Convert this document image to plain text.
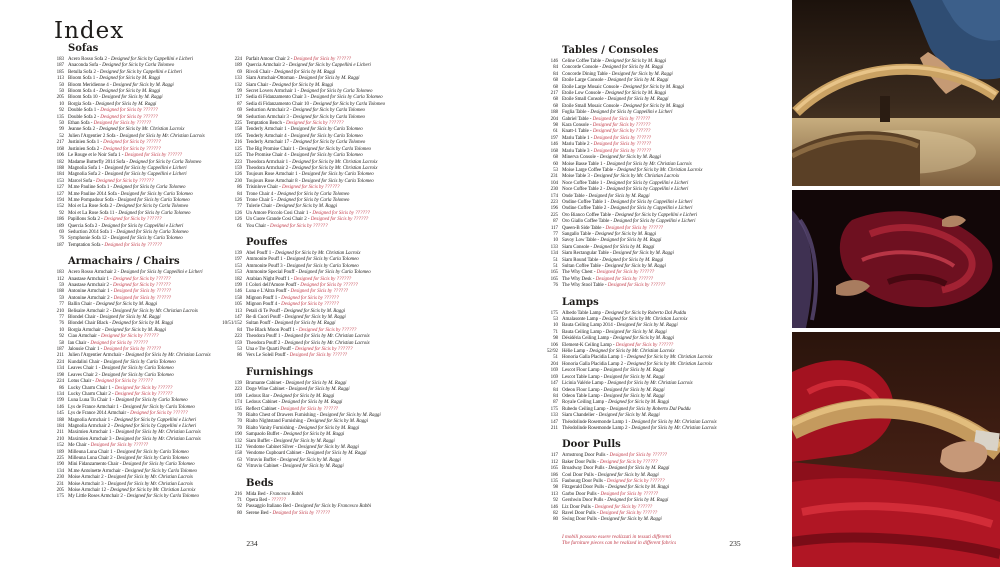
Index
Sofas
183 Acero Rosso Sofa 2 - Designed for Sicis by Cappellini e Licheri
187 Anaconda Sofa - Designed for Sicis by Carla Tolomeo
185 Betulla Sofa 2 - Designed for Sicis by Cappellini e Licheri
113 Bloom Sofa 1 - Designed for Sicis by M. Raggi
50 Bloom Meridienne 4 - Designed for Sicis by M. Raggi
50 Bloom Sofa 4 - Designed for Sicis by M. Raggi
205 Bloom Sofa 10 - Designed for Sicis by M. Raggi
10 Borgia Sofa - Designed for Sicis by M. Raggi
92 Double Sofa 1 - Designed for Sicis by ??????
135 Double Sofa 2 - Designed for Sicis by ??????
50 Ethan Sofa - Designed for Sicis by ??????
99 Jeanne Sofa 2 - Designed for Sicis by Mr. Christian Lacroix
52 Julien l'Argentier 2 Sofa - Designed for Sicis by Mr. Christian Lacroix
217 Justinien Sofa 1 - Designed for Sicis by ??????
168 Justinien Sofa 2 - Designed for Sicis by ??????
106 Le Rouge et le Noir Sofa 1 - Designed for Sicis by ??????
182 Madame Butterfly 2014 Sofa - Designed for Sicis by Carla Tolomeo
188 Magnolia Sofa 1 - Designed for Sicis by Cappellini e Licheri
184 Magnolia Sofa 2 - Designed for Sicis by Cappellini e Licheri
153 Marcel Sofa - Designed for Sicis by ??????
127 M.me Pauline Sofa 1 - Designed for Sicis by Carla Tolomeo
127 M.me Pauline 2014 Sofa - Designed for Sicis by Carla Tolomeo
194 M.me Pompadour Sofa - Designed for Sicis by Carla Tolomeo
152 Moi et La Rose Sofa 2 - Designed for Sicis by Carla Tolomeo
92 Moi et La Rose Sofa 11 - Designed for Sicis by Carla Tolomeo
186 Papillons Sofa 2 - Designed for Sicis by ??????
189 Quercia Sofa 2 - Designed for Sicis by Cappellini e Licheri
69 Seduction 2014 Sofa 1 - Designed for Sicis by Carla Tolomeo
76 Symphonie Sofa 12 - Designed for Sicis by Carla Tolomeo
187 Temptation Sofa - Designed for Sicis by ??????
Armachairs / Chairs
183 Acero Rosso Armchair 2 - Designed for Sicis by Cappellini e Licheri
112 Anastase Armchair 1 - Designed for Sicis by ??????
59 Anastase Armchair 2 - Designed for Sicis by ??????
188 Antonine Armchair 1 - Designed for Sicis by ??????
59 Antonine Armchair 2 - Designed for Sicis by ??????
77 Ballin Chair - Designed for Sicis by M. Raggi
210 Belisaire Armchair 2 - Designed for Sicis by Mr. Christian Lacroix
77 Blondel Chair - Designed for Sicis by M. Raggi
76 Blondel Chair Black - Designed for Sicis by M. Raggi
10 Borgia Armchair - Designed for Sicis by M. Raggi
92 Ciao Armchair - Designed for Sicis by ??????
58 Ian Chair - Designed for Sicis by ??????
187 Jalousie Chair 1 - Designed for Sicis by ??????
211 Julien l'Argentier Armchair - Designed for Sicis by Mr. Christian Lacroix
224 Kundalini Chair - Designed for Sicis by Carla Tolomeo
134 Leaves Chair 1 - Designed for Sicis by Carla Tolomeo
198 Leaves Chair 2 - Designed for Sicis by Carla Tolomeo
224 Lotus Chair - Designed for Sicis by ??????
86 Lucky Charm Chair 1 - Designed for Sicis by ??????
134 Lucky Charm Chair 2 - Designed for Sicis by ??????
199 Luna Luna Tu Chair 1 - Designed for Sicis by Carla Tolomeo
146 Lys de France Armchair 1 - Designed for Sicis by Carla Tolomeo
145 Lys de France 2014 Armchair - Designed for Sicis by ??????
188 Magnolia Armchair 1 - Designed for Sicis by Cappellini e Licheri
184 Magnolia Armchair 2 - Designed for Sicis by Cappellini e Licheri
211 Maximien Armchair 1 - Designed for Sicis by Mr. Christian Lacroix
210 Maximien Armchair 3 - Designed for Sicis by Mr. Christian Lacroix
152 Me Chair - Designed for Sicis by ??????
189 Milleuna Luna Chair 1 - Designed for Sicis by Carla Tolomeo
225 Milleuna Luna Chair 2 - Designed for Sicis by Carla Tolomeo
190 Mini Fidanzamento Chair - Designed for Sicis by Carla Tolomeo
134 M.me Antoinette Armchair - Designed for Sicis by Carla Tolomeo
230 Moise Armchair 2 - Designed for Sicis by Mr. Christian Lacroix
231 Moise Armchair 3 - Designed for Sicis by Mr. Christian Lacroix
205 Moise Armchair 12 - Designed for Sicis by Mr. Christian Lacroix
175 My Little Roses Armchair 2 - Designed for Sicis by Carla Tolomeo
224 Parfait Amour Chair 2 - Designed for Sicis by ??????
189 Quercia Armchair 2 - Designed for Sicis by Cappellini e Licheri
69 Rivoli Chair - Designed for Sicis by M. Raggi
133 Siam Armchair-Ottoman - Designed for Sicis by M. Raggi
132 Siam Chair - Designed for Sicis by M. Raggi
99 Secret Lovers Armchair 1 - Designed for Sicis by Carla Tolomeo
117 Sedia di Fidanzamento Chair 3 - Designed for Sicis by Carla Tolomeo
87 Sedia di Fidanzamento Chair 10 - Designed for Sicis by Carla Tolomeo
69 Seduction Armchair 2 - Designed for Sicis by Carla Tolomeo
98 Seduction Armchair 3 - Designed for Sicis by Carla Tolomeo
225 Temptation Bench - Designed for Sicis by ??????
158 Tenderly Armchair 1 - Designed for Sicis by Carla Tolomeo
195 Tenderly Armchair 4 - Designed for Sicis by Carla Tolomeo
216 Tenderly Armchair 17 - Designed for Sicis by Carla Tolomeo
125 The Big Promise Chair 1 - Designed for Sicis by Carla Tolomeo
125 The Promise Chair 4 - Designed for Sicis by Carla Tolomeo
223 Theodora Armchair 1 - Designed for Sicis by Mr. Christian Lacroix
159 Theodora Armchair 2 - Designed for Sicis by Mr. Christian Lacroix
126 Toujours Rose Armchair 1 - Designed for Sicis by Carla Tolomeo
230 Toujours Rose Armchair 8 - Designed for Sicis by Carla Tolomeo
86 Trisinlove Chair - Designed for Sicis by ??????
84 Trone Chair 4 - Designed for Sicis by Carla Tolomeo
126 Trone Chair 5 - Designed for Sicis by Carla Tolomeo
77 Tulerie Chair - Designed for Sicis by M. Raggi
126 Un Amore Piccolo Cosi Chair 1 - Designed for Sicis by ??????
126 Un Cuore Grande Cosi Chair 2 - Designed for Sicis by ??????
61 You Chair - Designed for Sicis by ??????
Pouffes
139 Abel Pouff 1 - Designed for Sicis by Mr. Christian Lacroix
197 Ammonite Pouff 1 - Designed for Sicis by Carla Tolomeo
153 Ammonite Pouff 3 - Designed for Sicis by Carla Tolomeo
153 Ammonite Special Pouff - Designed for Sicis by Carla Tolomeo
182 Arabian Night Pouff 1 - Designed for Sicis by ??????
199 I Colori dell'Amore Pouff - Designed for Sicis by ??????
146 Luna e L'Altra Pouff - Designed for Sicis by ??????
158 Mignon Pouff 1 - Designed for Sicis by ??????
105 Mignon Pouff 4 - Designed for Sicis by ??????
113 Petali di Te Pouff - Designed for Sicis by M. Raggi
147 Re di Cuori Pouff - Designed for Sicis by M. Raggi
10/51/152 Sultan Pouff - Designed for Sicis by M. Raggi
84 The Black Moon Pouff 1 - Designed for Sicis by ??????
223 Theodora Pouff 1 - Designed for Sicis by Mr. Christian Lacroix
159 Theodora Pouff 2 - Designed for Sicis by Mr. Christian Lacroix
53 Una e Tre Quarti Pouff - Designed for Sicis by ??????
86 Vers Le Soleil Pouff - Designed for Sicis by ??????
Furnishings
139 Bramante Cabinet - Designed for Sicis by M. Raggi
223 Doge Wine Cabinet - Designed for Sicis by M. Raggi
169 Ledoux Bar - Designed for Sicis by M. Raggi
174 Ledoux Cabinet - Designed for Sicis by M. Raggi
165 Reflect Cabinet - Designed for Sicis by ??????
70 Rialto Chest of Drawers Furnishing - Designed for Sicis by M. Raggi
70 Rialto Nightstand Furnishing - Designed for Sicis by M. Raggi
70 Rialto Vanity Furnishing - Designed for Sicis by M. Raggi
190 Sampaolo Buffet - Designed for Sicis by M. Raggi
132 Siam Buffet - Designed for Sicis by M. Raggi
112 Vendome Cabinet Silver - Designed for Sicis by M. Raggi
158 Vendome Cupboard Cabinet - Designed for Sicis by M. Raggi
63 Vitruvio Buffet - Designed for Sicis by M. Raggi
62 Vitruvio Cabinet - Designed for Sicis by M. Raggi
Beds
216 Mida Bed - Francesco Rabbi
71 Opera Bed - ??????
92 Passaggio Italiano Bed - Designed for Sicis by Francesco Rabbi
80 Serene Bed - Designed for Sicis by ??????
Tables / Consoles
146 Celine Coffee Table - Designed for Sicis by M. Raggi
84 Concorde Console - Designed for Sicis by M. Raggi
84 Concorde Dining Table - Designed for Sicis by M. Raggi
68 Etoile Large Console - Designed for Sicis by M. Raggi
68 Etoile Large Mosaic Console - Designed for Sicis by M. Raggi
217 Etoile Low Console - Designed for Sicis by M. Raggi
68 Etoile Small Console - Designed for Sicis by M. Raggi
68 Etoile Small Mosaic Console - Designed for Sicis by M. Raggi
188 Foglia Table - Designed for Sicis by Cappellini e Licheri
204 Gabriel Table - Designed for Sicis by ??????
98 Kara Console - Designed for Sicis by ??????
61 Knatt-1 Table - Designed for Sicis by ??????
197 Mariu Table 1 - Designed for Sicis by ??????
146 Mariu Table 2 - Designed for Sicis by ??????
168 Mariu Table 3 - Designed for Sicis by ??????
68 Minerva Console - Designed for Sicis by M. Raggi
60 Moise Basse Table 1 - Designed for Sicis by Mr. Christian Lacroix
53 Moise Large Coffee Table - Designed for Sicis by Mr. Christian Lacroix
231 Moise Table 3 - Designed for Sicis by Mr. Christian Lacroix
104 Noce Coffee Table 1 - Designed for Sicis by Cappellini e Licheri
230 Noce Coffee Table 2 - Designed for Sicis by Cappellini e Licheri
174 Onde Table - Designed for Sicis by M. Raggi
223 Ondine Coffee Table 1 - Designed for Sicis by Cappellini e Licheri
196 Ondine Coffee Table 2 - Designed for Sicis by Cappellini e Licheri
225 Oro Bianco Coffee Table - Designed for Sicis by Cappellini e Licheri
87 Oro Giallo Coffee Table - Designed for Sicis by Cappellini e Licheri
117 Queen-B Side Table - Designed for Sicis by ??????
77 Sangallo Table - Designed for Sicis by M. Raggi
10 Savoy Low Table - Designed for Sicis by M. Raggi
133 Siam Console - Designed for Sicis by M. Raggi
134 Siam Rectangular Table - Designed for Sicis by M. Raggi
51 Siam Round Table - Designed for Sicis by M. Raggi
51 Sultan Coffee Table - Designed for Sicis by M. Raggi
165 The Why Chest - Designed for Sicis by ??????
165 The Why Desk - Designed for Sicis by ??????
76 The Why Stool Table - Designed for Sicis by ??????
Lamps
175 Albedo Table Lamp - Designed for Sicis by Roberto Dal Puddu
53 Amalasonte Lamp - Designed for Sicis by Mr. Christian Lacroix
10 Bauta Ceiling Lamp 2014 - Designed for Sicis by M. Raggi
71 Bauta Ceiling Lamp - Designed for Sicis by M. Raggi
98 Désidéria Ceiling Lamp - Designed for Sicis by M. Raggi
106 Element-K Ceiling Lamp - Designed for Sicis by ??????
52/92 Hélie Lamp - Designed for Sicis by Mr. Christian Lacroix
51 Honoria Galla Placidia Lamp 1 - Designed for Sicis by Mr. Christian Lacroix
204 Honoria Galla Placidia Lamp 2 - Designed for Sicis by Mr. Christian Lacroix
169 Lescot Floor Lamp - Designed for Sicis by M. Raggi
169 Lescot Table Lamp - Designed for Sicis by M. Raggi
147 Licinia Valérie Lamp - Designed for Sicis by Mr. Christian Lacroix
84 Odeon Floor Lamp - Designed for Sicis by M. Raggi
84 Odeon Table Lamp - Designed for Sicis by M. Raggi
87 Royale Ceiling Lamp - Designed for Sicis by M. Raggi
175 Rubedo Ceiling Lamp - Designed for Sicis by Roberto Dal Puddu
133 Siam Chandelier - Designed for Sicis by M. Raggi
147 Théodolinde Rosemonde Lamp 1 - Designed for Sicis by Mr. Christian Lacroix
211 Théodolinde Rosemonde Lamp 2 - Designed for Sicis by Mr. Christian Lacroix
Door Pulls
117 Armstrong Door Pulls - Designed for Sicis by ??????
112 Baker Door Pulls - Designed for Sicis by ??????
165 Broadway Door Pulls - Designed for Sicis by M. Raggi
186 Cool Door Pulls - Designed for Sicis by M. Raggi
135 Faubourg Door Pulls - Designed for Sicis by ??????
98 Fitzgerald Door Pulls - Designed for Sicis by M. Raggi
113 Garbo Door Pulls - Designed for Sicis by ??????
92 Gershwin Door Pulls - Designed for Sicis by M. Raggi
146 Liz Door Pulls - Designed for Sicis by ??????
82 Ravel Door Pulls - Designed for Sicis by ??????
80 Swing Door Pulls - Designed for Sicis by M. Raggi
234	235
I mobili possono essere realizzati in tessuti differenti
The furniture pieces can be realized in different fabrics
